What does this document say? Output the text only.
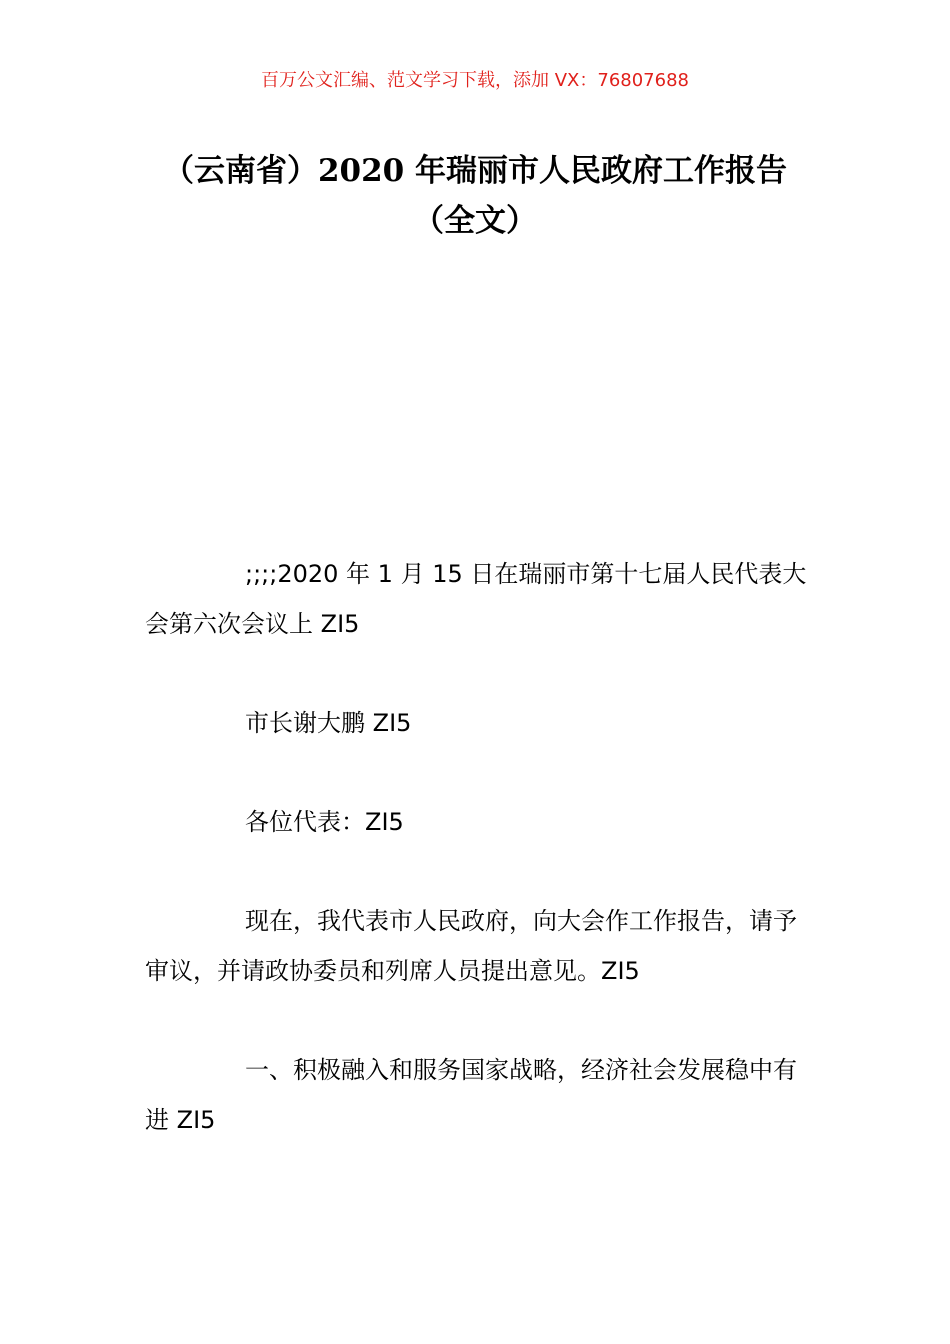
百万公文汇编、范文学习下载，添加 VX：76807688
（云南省）2020 年瑞丽市人民政府工作报告（全文）

;;;;2020 年 1 月 15 日在瑞丽市第十七届人民代表大会第六次会议上 ZI5

市长谢大鹏 ZI5

各位代表：ZI5

现在，我代表市人民政府，向大会作工作报告，请予审议，并请政协委员和列席人员提出意见。ZI5

一、积极融入和服务国家战略，经济社会发展稳中有进 ZI5
